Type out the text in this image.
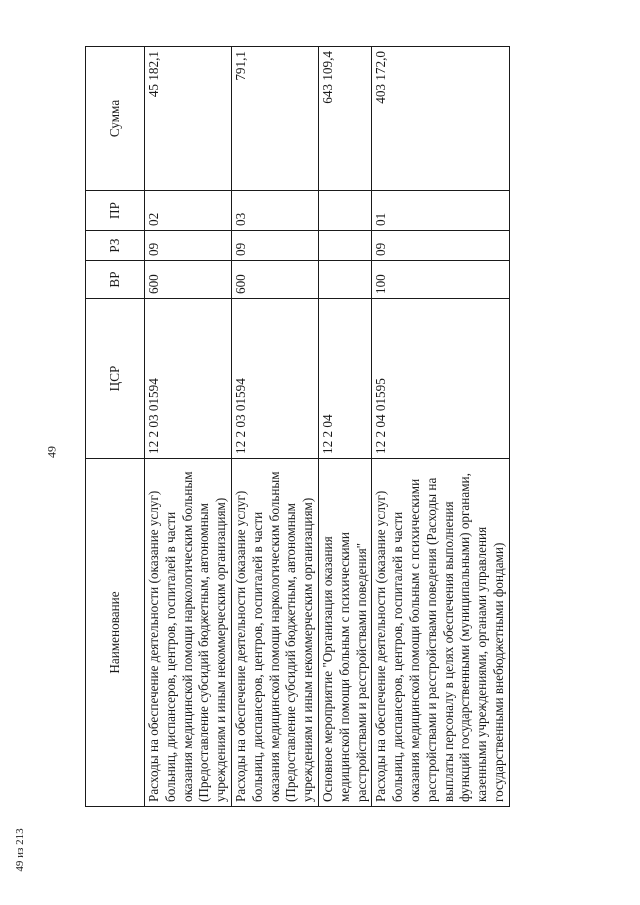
49
49 из 213
Наименование	ЦСР	ВР	РЗ	ПР	Сумма
Расходы на обеспечение деятельности (оказание услуг) больниц, диспансеров, центров, госпиталей в части оказания медицинской помощи наркологическим больным (Предоставление субсидий бюджетным, автономным учреждениям и иным некоммерческим организациям)	12 2 03 01594	600	09	02	45 182,1
Расходы на обеспечение деятельности (оказание услуг) больниц, диспансеров, центров, госпиталей в части оказания медицинской помощи наркологическим больным (Предоставление субсидий бюджетным, автономным учреждениям и иным некоммерческим организациям)	12 2 03 01594	600	09	03	791,1
Основное мероприятие "Организация оказания медицинской помощи больным с психическими расстройствами и расстройствами поведения"	12 2 04				643 109,4
Расходы на обеспечение деятельности (оказание услуг) больниц, диспансеров, центров, госпиталей в части оказания медицинской помощи больным с психическими расстройствами и расстройствами поведения (Расходы на выплаты персоналу в целях обеспечения выполнения функций государственными (муниципальными) органами, казенными учреждениями, органами управления государственными внебюджетными фондами)	12 2 04 01595	100	09	01	403 172,0
